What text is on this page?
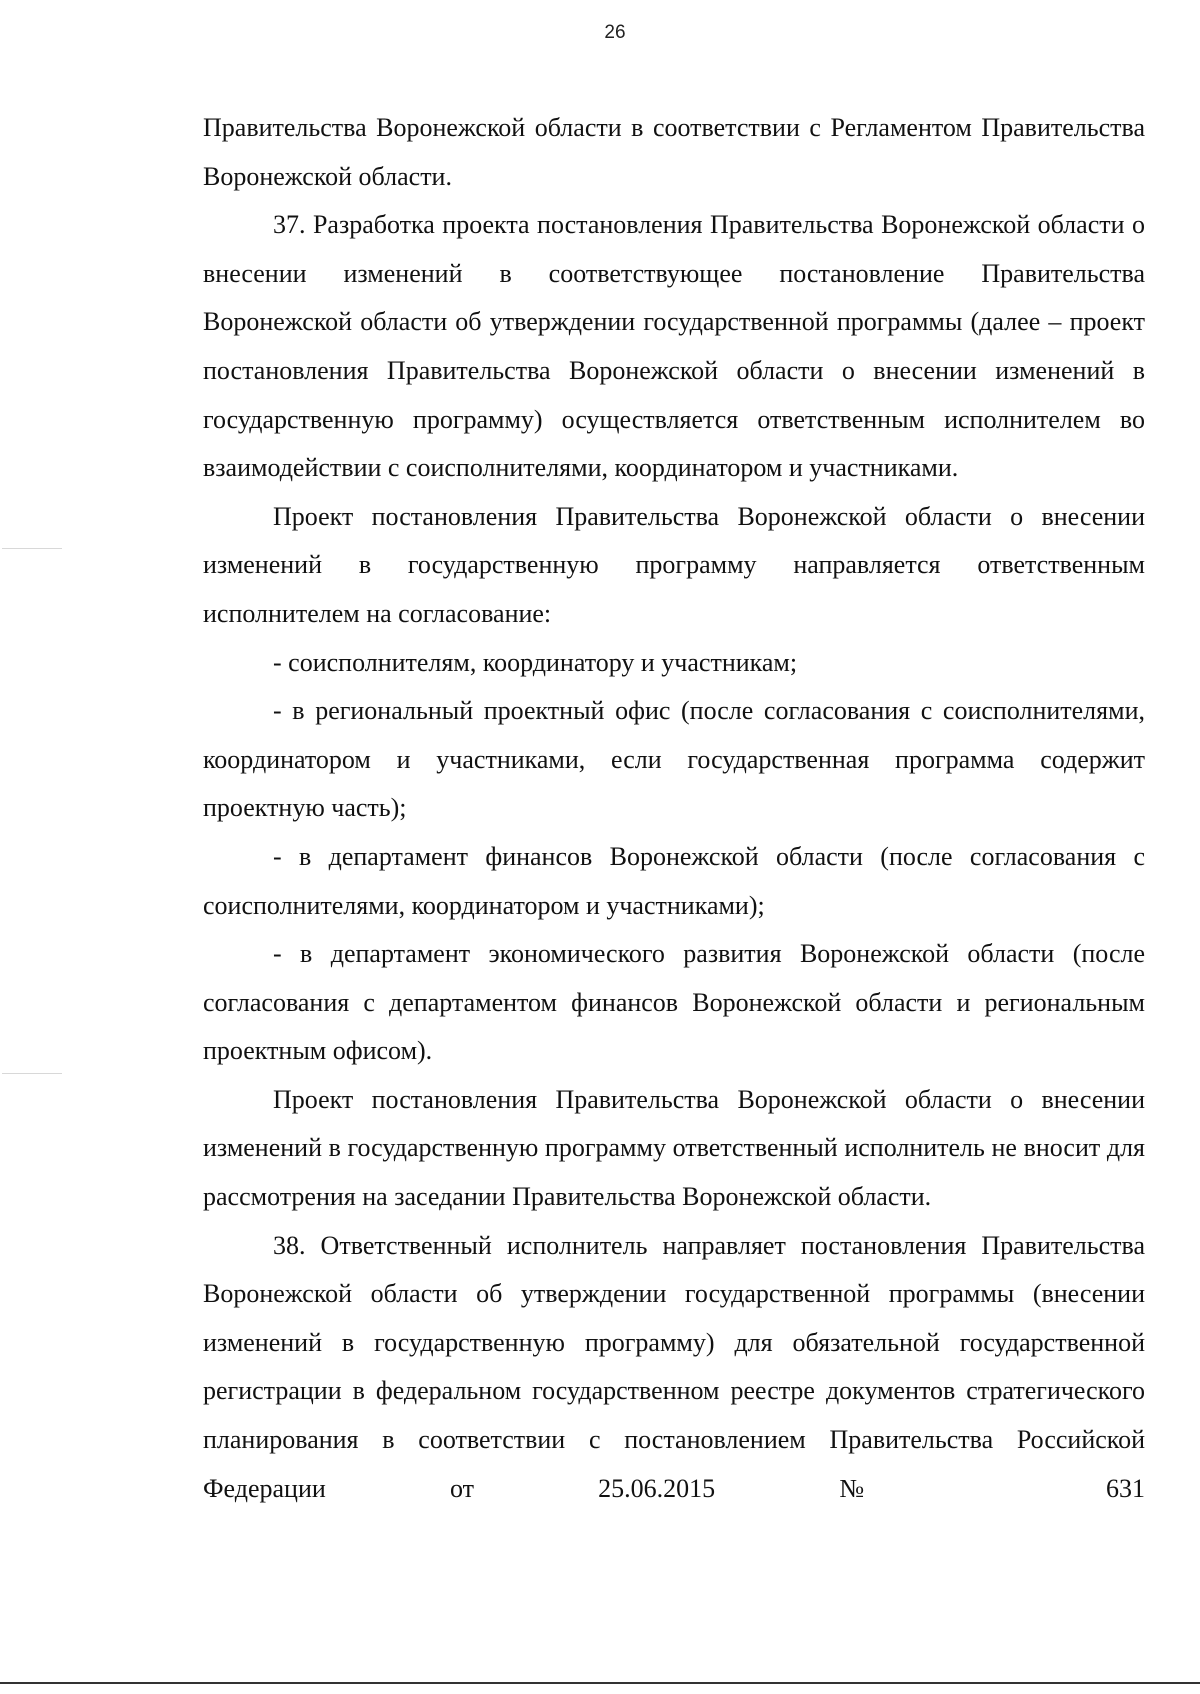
26

Правительства Воронежской области в соответствии с Регламентом Правительства Воронежской области.

37. Разработка проекта постановления Правительства Воронежской области о внесении изменений в соответствующее постановление Правительства Воронежской области об утверждении государственной программы (далее – проект постановления Правительства Воронежской области о внесении изменений в государственную программу) осуществляется ответственным исполнителем во взаимодействии с соисполнителями, координатором и участниками.

Проект постановления Правительства Воронежской области о внесении изменений в государственную программу направляется ответственным исполнителем на согласование:

- соисполнителям, координатору и участникам;

- в региональный проектный офис (после согласования с соисполнителями, координатором и участниками, если государственная программа содержит проектную часть);

- в департамент финансов Воронежской области (после согласования с соисполнителями, координатором и участниками);

- в департамент экономического развития Воронежской области (после согласования с департаментом финансов Воронежской области и региональным проектным офисом).

Проект постановления Правительства Воронежской области о внесении изменений в государственную программу ответственный исполнитель не вносит для рассмотрения на заседании Правительства Воронежской области.

38. Ответственный исполнитель направляет постановления Правительства Воронежской области об утверждении государственной программы (внесении изменений в государственную программу) для обязательной государственной регистрации в федеральном государственном реестре документов стратегического планирования в соответствии с постановлением Правительства Российской Федерации от 25.06.2015 № 631
